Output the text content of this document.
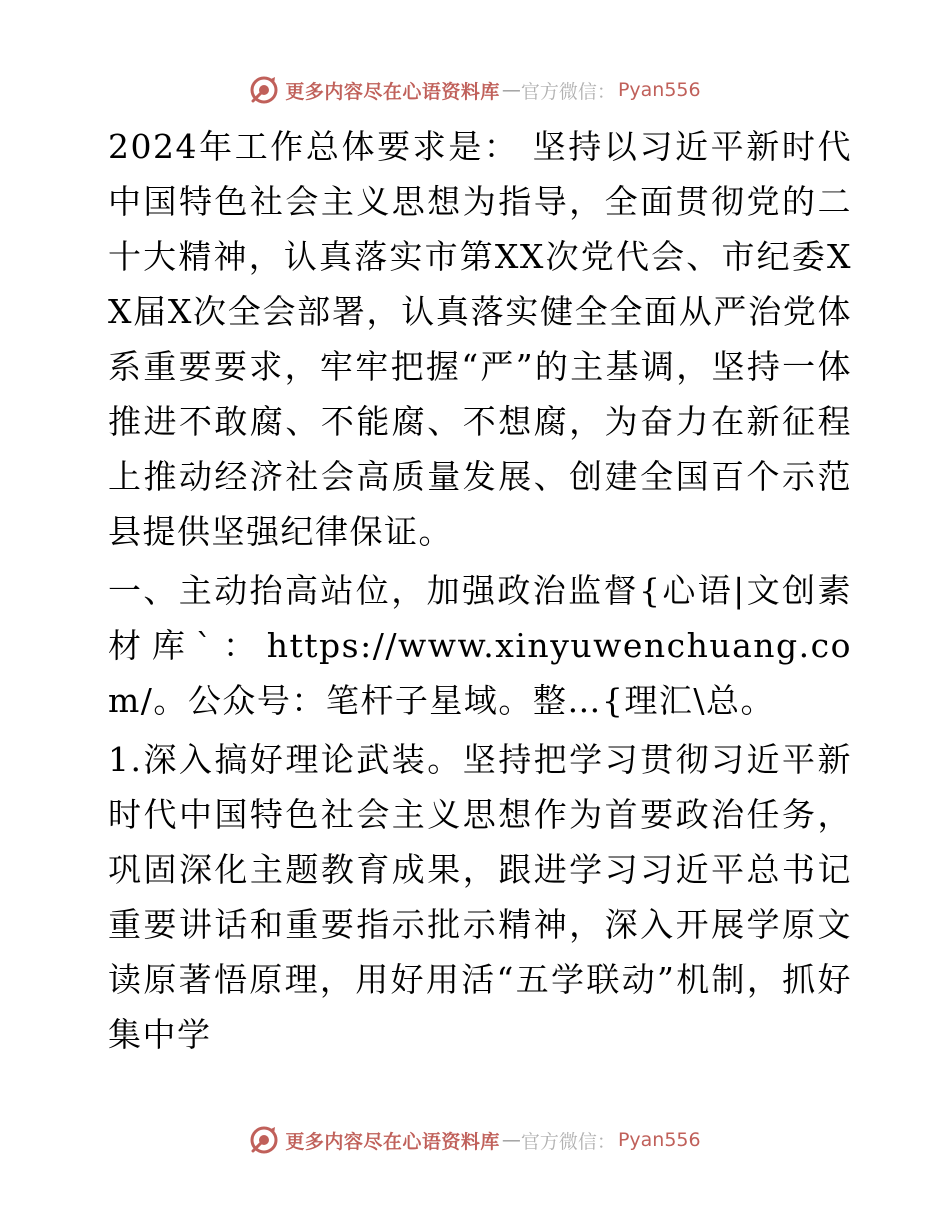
更多内容尽在心语资料库 — 官方微信： Pyan556

2024年工作总体要求是： 坚持以习近平新时代中国特色社会主义思想为指导，全面贯彻党的二十大精神，认真落实市第XX次党代会、市纪委XX届X次全会部署，认真落实健全全面从严治党体系重要要求，牢牢把握“严”的主基调，坚持一体推进不敢腐、不能腐、不想腐，为奋力在新征程上推动经济社会高质量发展、创建全国百个示范县提供坚强纪律保证。

一、主动抬高站位，加强政治监督{心语|文创素材库`：https://www.xinyuwenchuang.com/。公众号：笔杆子星域。整…{理汇\总。

1.深入搞好理论武装。坚持把学习贯彻习近平新时代中国特色社会主义思想作为首要政治任务，巩固深化主题教育成果，跟进学习习近平总书记重要讲话和重要指示批示精神，深入开展学原文读原著悟原理，用好用活“五学联动”机制，抓好集中学

更多内容尽在心语资料库 — 官方微信： Pyan556
